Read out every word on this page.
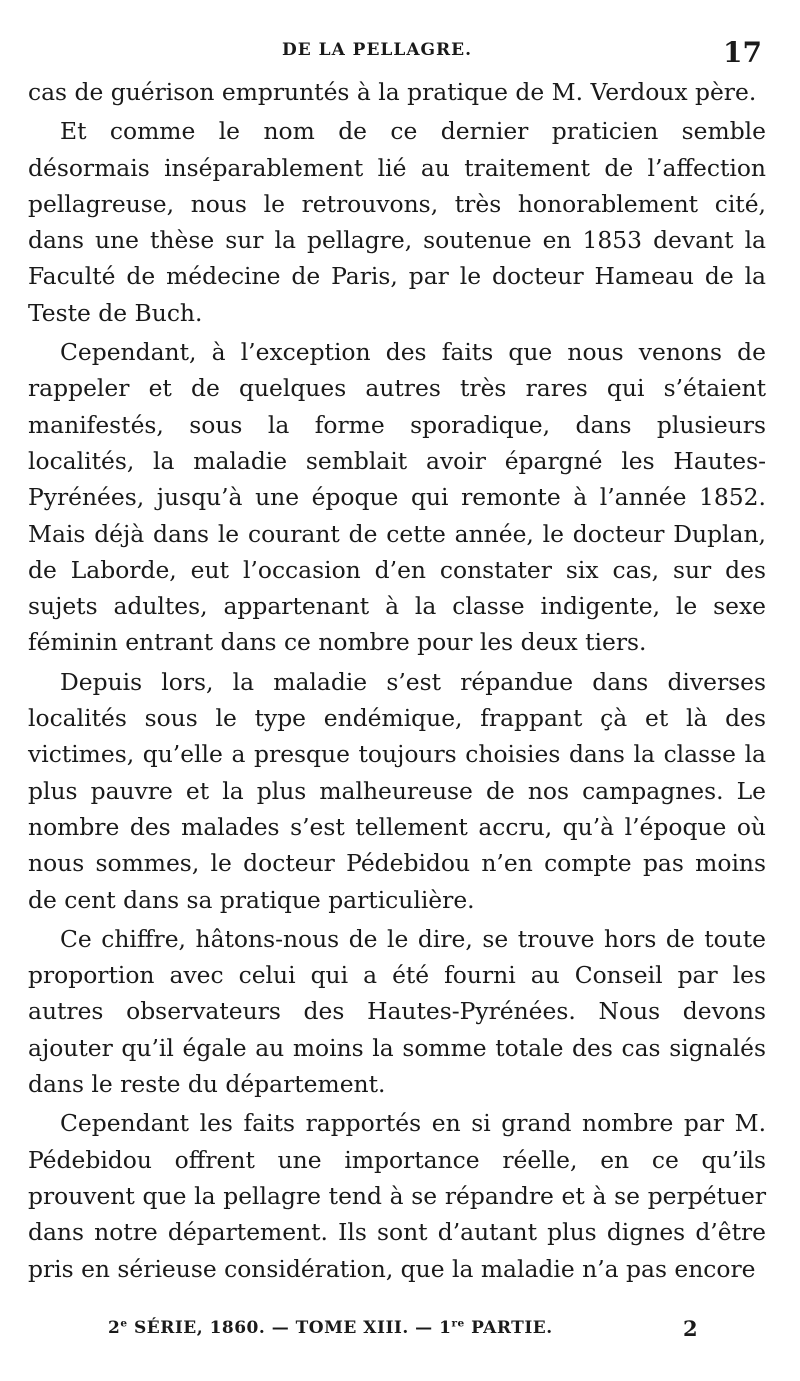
DE LA PELLAGRE.	17

cas de guérison empruntés à la pratique de M. Verdoux père.

Et comme le nom de ce dernier praticien semble désormais inséparablement lié au traitement de l’affection pellagreuse, nous le retrouvons, très honorablement cité, dans une thèse sur la pellagre, soutenue en 1853 devant la Faculté de médecine de Paris, par le docteur Hameau de la Teste de Buch.

Cependant, à l’exception des faits que nous venons de rappeler et de quelques autres très rares qui s’étaient manifestés, sous la forme sporadique, dans plusieurs localités, la maladie semblait avoir épargné les Hautes-Pyrénées, jusqu’à une époque qui remonte à l’année 1852. Mais déjà dans le courant de cette année, le docteur Duplan, de Laborde, eut l’occasion d’en constater six cas, sur des sujets adultes, appartenant à la classe indigente, le sexe féminin entrant dans ce nombre pour les deux tiers.

Depuis lors, la maladie s’est répandue dans diverses localités sous le type endémique, frappant çà et là des victimes, qu’elle a presque toujours choisies dans la classe la plus pauvre et la plus malheureuse de nos campagnes. Le nombre des malades s’est tellement accru, qu’à l’époque où nous sommes, le docteur Pédebidou n’en compte pas moins de cent dans sa pratique particulière.

Ce chiffre, hâtons-nous de le dire, se trouve hors de toute proportion avec celui qui a été fourni au Conseil par les autres observateurs des Hautes-Pyrénées. Nous devons ajouter qu’il égale au moins la somme totale des cas signalés dans le reste du département.

Cependant les faits rapportés en si grand nombre par M. Pédebidou offrent une importance réelle, en ce qu’ils prouvent que la pellagre tend à se répandre et à se perpétuer dans notre département. Ils sont d’autant plus dignes d’être pris en sérieuse considération, que la maladie n’a pas encore

2e SÉRIE, 1860. — TOME XIII. — 1re PARTIE.	2
